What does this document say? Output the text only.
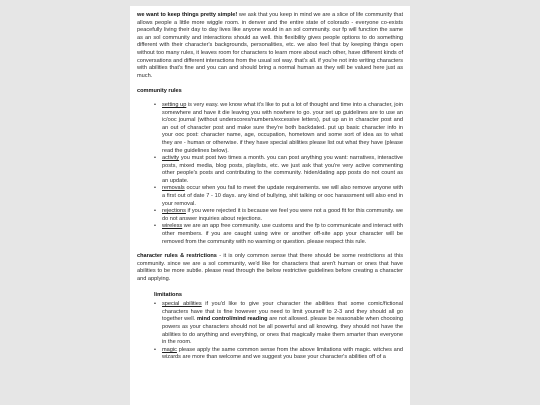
we want to keep things pretty simple! we ask that you keep in mind we are a slice of life community that allows people a little more wiggle room. in denver and the entire state of colorado - everyone co-exists peacefully living their day to day lives like anyone would in an sol community. our fp will function the same as an sol community and interactions should as well. this flexibility gives people options to do something different with their character's backgrounds, personalities, etc. we also feel that by keeping things open without too many rules, it leaves room for characters to learn more about each other, have different kinds of conversations and different interactions from the usual sol way. that's all. if you're not into writing characters with abilities that's fine and you can and should bring a normal human as they will be valued here just as much.

community rules
• setting up is very easy. we know what it's like to put a lot of thought and time into a character, join somewhere and have it die leaving you with nowhere to go. your set up guidelines are to use an ic/ooc journal (without underscores/numbers/excessive letters), put up an in character post and an out of character post and make sure they're both backdated. put up basic character info in your ooc post: character name, age, occupation, hometown and some sort of idea as to what they are - human or otherwise. if they have special abilities please list out what they have (please read the guidelines below).
• activity you must post two times a month. you can post anything you want: narratives, interactive posts, mixed media, blog posts, playlists, etc. we just ask that you're very active commenting other people's posts and contributing to the community. hiden/dating app posts do not count as an update.
• removals occur when you fail to meet the update requirements. we will also remove anyone with a first out of date 7 - 10 days. any kind of bullying, shit talking or ooc harassment will also end in your removal.
• rejections if you were rejected it is because we feel you were not a good fit for this community. we do not answer inquiries about rejections.
• wireless we are an app free community. use customs and the fp to communicate and interact with other members. if you are caught using wire or another off-site app your character will be removed from the community with no warning or question. please respect this rule.

character rules & restrictions - it is only common sense that there should be some restrictions at this community. since we are a sol community, we'd like for characters that aren't human or ones that have abilities to be more subtle. please read through the below restrictive guidelines before creating a character and applying.

limitations
• special abilities if you'd like to give your character the abilities that some comic/fictional characters have that is fine however you need to limit yourself to 2-3 and they should all go together well. mind control/mind reading are not allowed. please be reasonable when choosing powers as your characters should not be all powerful and all knowing. they should not have the abilities to do anything and everything, or ones that magically make them smarter than everyone in the room.
• magic please apply the same common sense from the above limitations with magic. witches and wizards are more than welcome and we suggest you base your character's abilities off of a
